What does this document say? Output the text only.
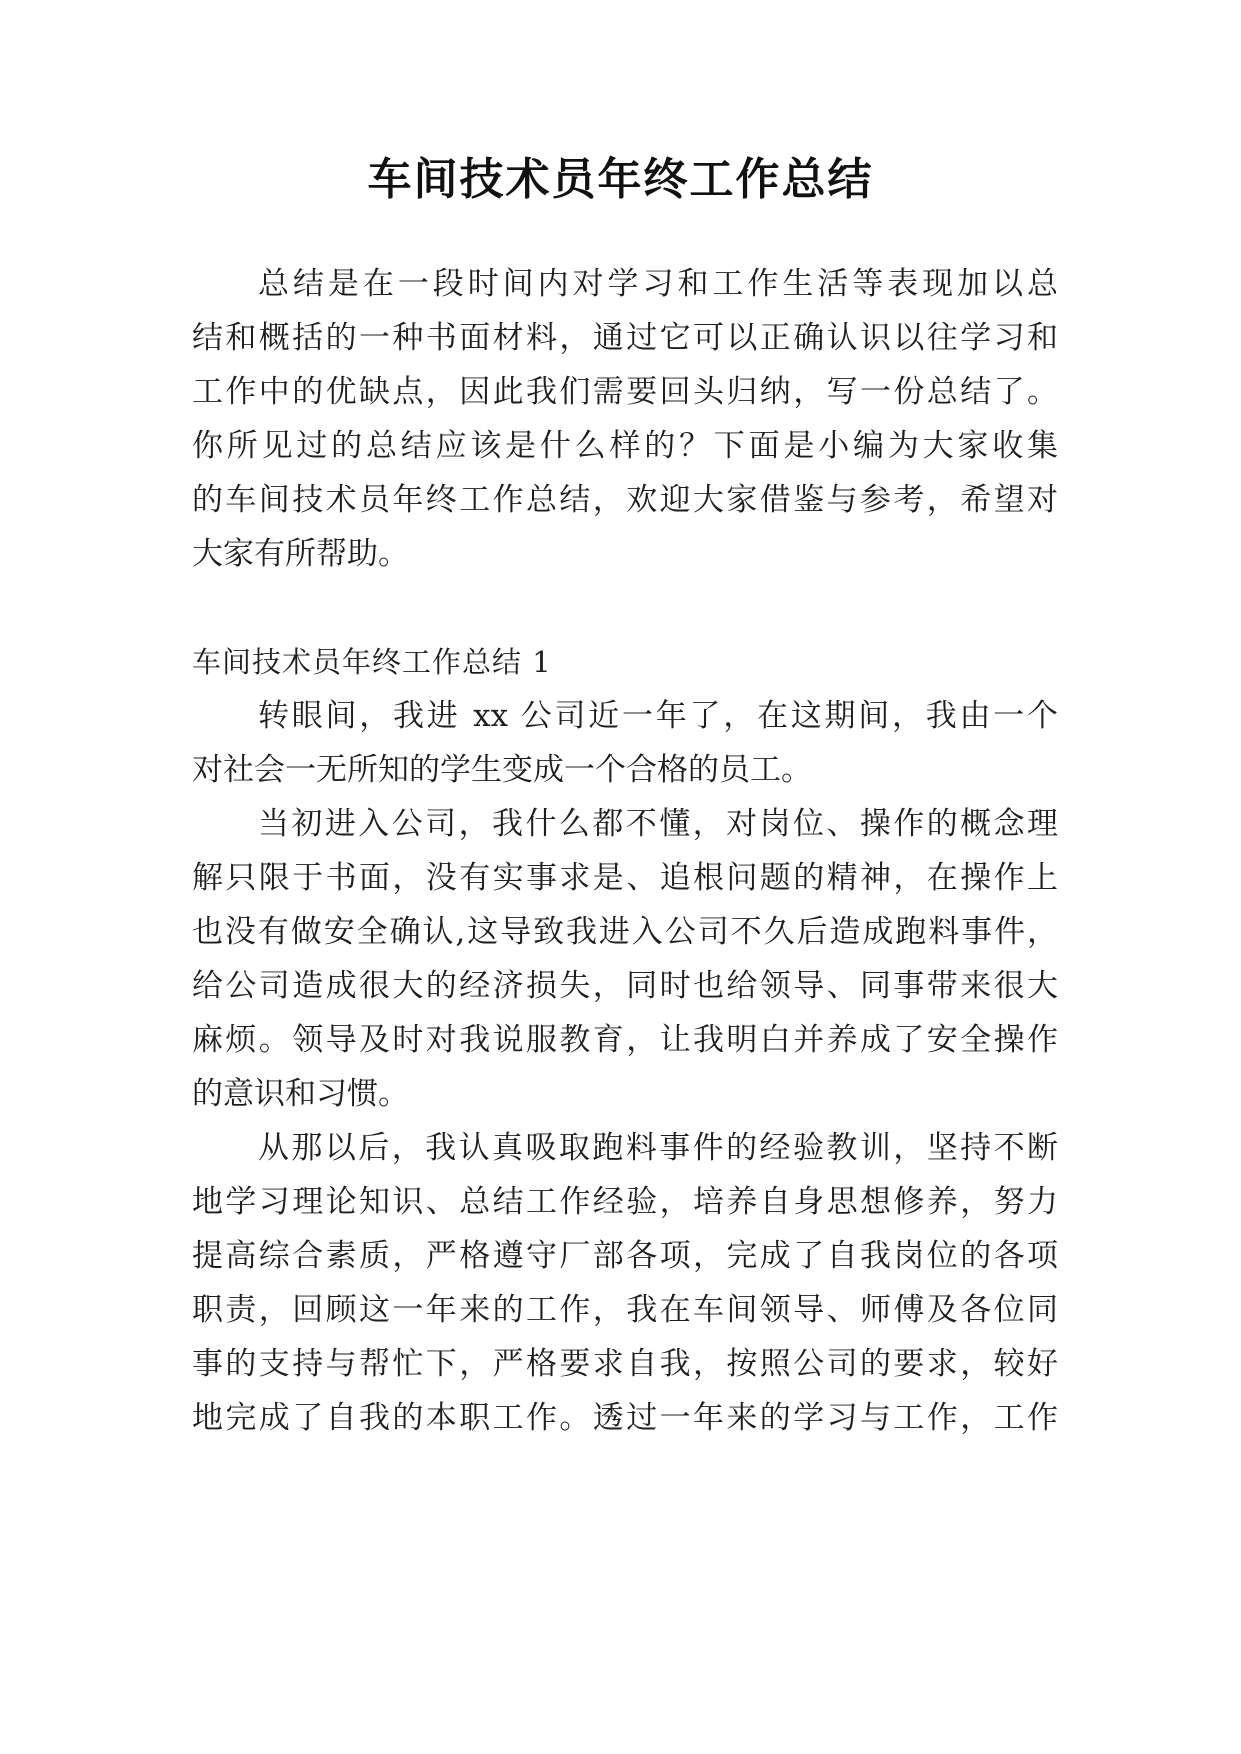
车间技术员年终工作总结
总结是在一段时间内对学习和工作生活等表现加以总
结和概括的一种书面材料，通过它可以正确认识以往学习和
工作中的优缺点，因此我们需要回头归纳，写一份总结了。
你所见过的总结应该是什么样的？下面是小编为大家收集
的车间技术员年终工作总结，欢迎大家借鉴与参考，希望对
大家有所帮助。
车间技术员年终工作总结 1
转眼间，我进 xx 公司近一年了，在这期间，我由一个
对社会一无所知的学生变成一个合格的员工。
当初进入公司，我什么都不懂，对岗位、操作的概念理
解只限于书面，没有实事求是、追根问题的精神，在操作上
也没有做安全确认,这导致我进入公司不久后造成跑料事件，
给公司造成很大的经济损失，同时也给领导、同事带来很大
麻烦。领导及时对我说服教育，让我明白并养成了安全操作
的意识和习惯。
从那以后，我认真吸取跑料事件的经验教训，坚持不断
地学习理论知识、总结工作经验，培养自身思想修养，努力
提高综合素质，严格遵守厂部各项，完成了自我岗位的各项
职责，回顾这一年来的工作，我在车间领导、师傅及各位同
事的支持与帮忙下，严格要求自我，按照公司的要求，较好
地完成了自我的本职工作。透过一年来的学习与工作，工作
